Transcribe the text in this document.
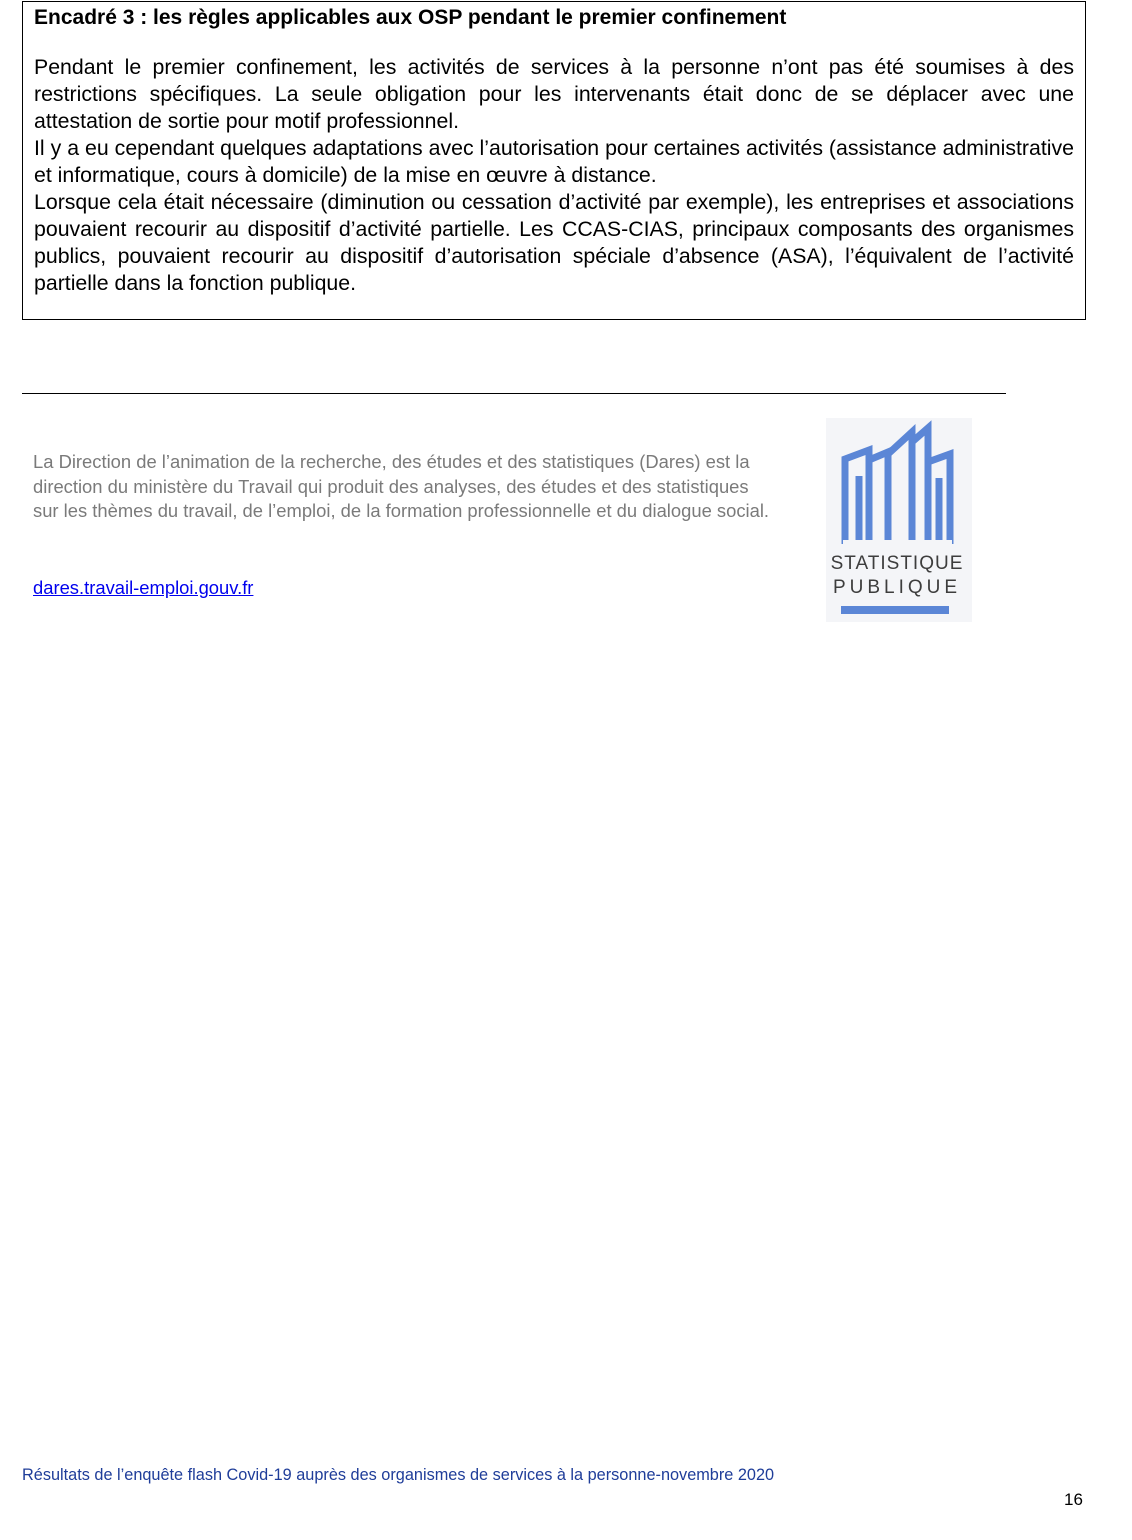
Encadré 3 : les règles applicables aux OSP pendant le premier confinement

Pendant le premier confinement, les activités de services à la personne n’ont pas été soumises à des restrictions spécifiques. La seule obligation pour les intervenants était donc de se déplacer avec une attestation de sortie pour motif professionnel.

Il y a eu cependant quelques adaptations avec l’autorisation pour certaines activités (assistance administrative et informatique, cours à domicile) de la mise en œuvre à distance.

Lorsque cela était nécessaire (diminution ou cessation d’activité par exemple), les entreprises et associations pouvaient recourir au dispositif d’activité partielle. Les CCAS-CIAS, principaux composants des organismes publics, pouvaient recourir au dispositif d’autorisation spéciale d’absence (ASA), l’équivalent de l’activité partielle dans la fonction publique.

La Direction de l’animation de la recherche, des études et des statistiques (Dares) est la direction du ministère du Travail qui produit des analyses, des études et des statistiques sur les thèmes du travail, de l’emploi, de la formation professionnelle et du dialogue social.

dares.travail-emploi.gouv.fr
STATISTIQUE
PUBLIQUE
Résultats de l’enquête flash Covid-19 auprès des organismes de services à la personne-novembre 2020
16
